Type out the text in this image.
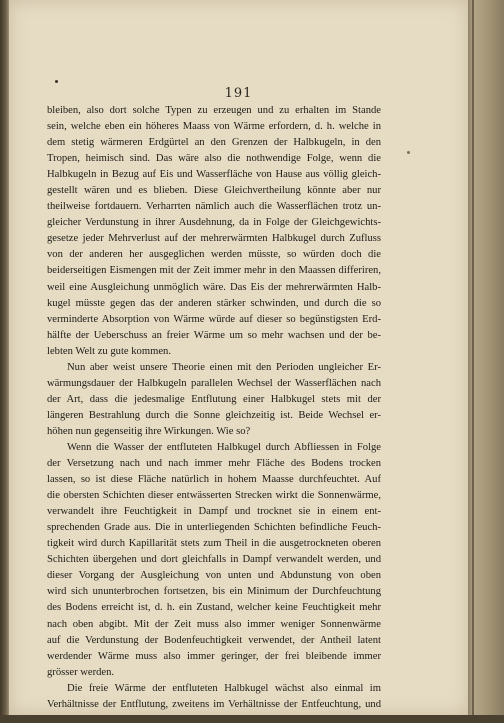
191
bleiben, also dort solche Typen zu erzeugen und zu erhalten im Stande
sein, welche eben ein höheres Maass von Wärme erfordern, d. h. welche in
dem stetig wärmeren Erdgürtel an den Grenzen der Halbkugeln, in den
Tropen, heimisch sind. Das wäre also die nothwendige Folge, wenn die
Halbkugeln in Bezug auf Eis und Wasserfläche von Hause aus völlig gleich-
gestellt wären und es blieben. Diese Gleichvertheilung könnte aber nur
theilweise fortdauern. Verharrten nämlich auch die Wasserflächen trotz un-
gleicher Verdunstung in ihrer Ausdehnung, da in Folge der Gleichgewichts-
gesetze jeder Mehrverlust auf der mehrerwärmten Halbkugel durch Zufluss
von der anderen her ausgeglichen werden müsste, so würden doch die
beiderseitigen Eismengen mit der Zeit immer mehr in den Maassen differiren,
weil eine Ausgleichung unmöglich wäre. Das Eis der mehrerwärmten Halb-
kugel müsste gegen das der anderen stärker schwinden, und durch die so
verminderte Absorption von Wärme würde auf dieser so begünstigsten Erd-
hälfte der Ueberschuss an freier Wärme um so mehr wachsen und der be-
lebten Welt zu gute kommen.
Nun aber weist unsere Theorie einen mit den Perioden ungleicher Er-
wärmungsdauer der Halbkugeln parallelen Wechsel der Wasserflächen nach
der Art, dass die jedesmalige Entflutung einer Halbkugel stets mit der
längeren Bestrahlung durch die Sonne gleichzeitig ist. Beide Wechsel er-
höhen nun gegenseitig ihre Wirkungen. Wie so?
Wenn die Wasser der entfluteten Halbkugel durch Abfliessen in Folge
der Versetzung nach und nach immer mehr Fläche des Bodens trocken
lassen, so ist diese Fläche natürlich in hohem Maasse durchfeuchtet. Auf
die obersten Schichten dieser entwässerten Strecken wirkt die Sonnenwärme,
verwandelt ihre Feuchtigkeit in Dampf und trocknet sie in einem ent-
sprechenden Grade aus. Die in unterliegenden Schichten befindliche Feuch-
tigkeit wird durch Kapillarität stets zum Theil in die ausgetrockneten oberen
Schichten übergehen und dort gleichfalls in Dampf verwandelt werden, und
dieser Vorgang der Ausgleichung von unten und Abdunstung von oben
wird sich ununterbrochen fortsetzen, bis ein Minimum der Durchfeuchtung
des Bodens erreicht ist, d. h. ein Zustand, welcher keine Feuchtigkeit mehr
nach oben abgibt. Mit der Zeit muss also immer weniger Sonnenwärme
auf die Verdunstung der Bodenfeuchtigkeit verwendet, der Antheil latent
werdender Wärme muss also immer geringer, der frei bleibende immer
grösser werden.
Die freie Wärme der entfluteten Halbkugel wächst also einmal im
Verhältnisse der Entflutung, zweitens im Verhältnisse der Entfeuchtung, und
